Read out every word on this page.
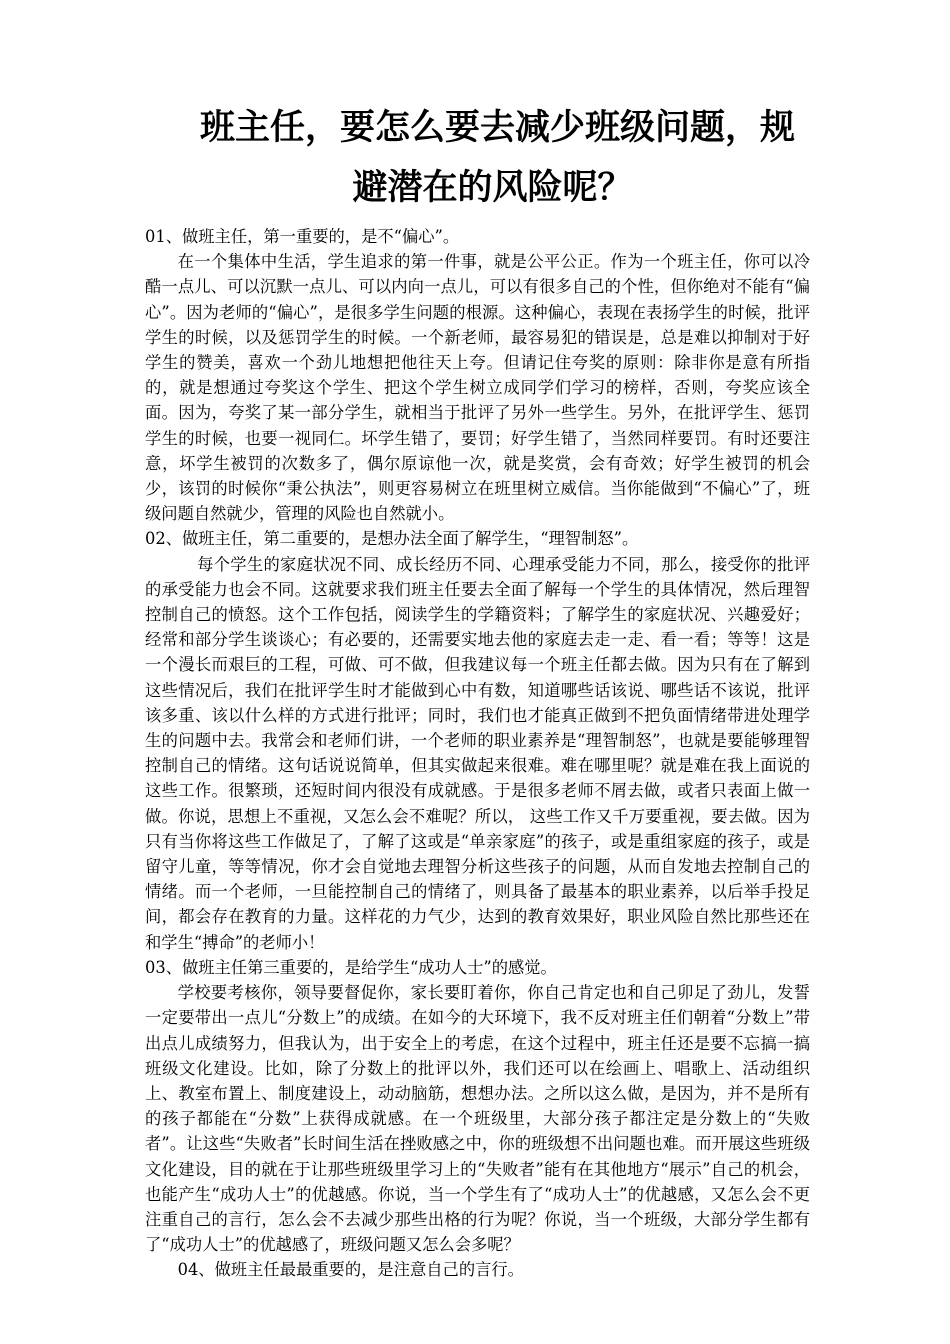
班主任，要怎么要去减少班级问题，规
避潜在的风险呢？

01、做班主任，第一重要的，是不“偏心”。

在一个集体中生活，学生追求的第一件事，就是公平公正。作为一个班主任，你可以冷酷一点儿、可以沉默一点儿、可以内向一点儿，可以有很多自己的个性，但你绝对不能有“偏心”。因为老师的“偏心”，是很多学生问题的根源。这种偏心，表现在表扬学生的时候，批评学生的时候，以及惩罚学生的时候。一个新老师，最容易犯的错误是，总是难以抑制对于好学生的赞美，喜欢一个劲儿地想把他往天上夸。但请记住夸奖的原则：除非你是意有所指的，就是想通过夸奖这个学生、把这个学生树立成同学们学习的榜样，否则，夸奖应该全面。因为，夸奖了某一部分学生，就相当于批评了另外一些学生。另外，在批评学生、惩罚学生的时候，也要一视同仁。坏学生错了，要罚；好学生错了，当然同样要罚。有时还要注意，坏学生被罚的次数多了，偶尔原谅他一次，就是奖赏，会有奇效；好学生被罚的机会少，该罚的时候你“秉公执法”，则更容易树立在班里树立威信。当你能做到“不偏心”了，班级问题自然就少，管理的风险也自然就小。

02、做班主任，第二重要的，是想办法全面了解学生，“理智制怒”。

每个学生的家庭状况不同、成长经历不同、心理承受能力不同，那么，接受你的批评的承受能力也会不同。这就要求我们班主任要去全面了解每一个学生的具体情况，然后理智控制自己的愤怒。这个工作包括，阅读学生的学籍资料；了解学生的家庭状况、兴趣爱好；经常和部分学生谈谈心；有必要的，还需要实地去他的家庭去走一走、看一看；等等！这是一个漫长而艰巨的工程，可做、可不做，但我建议每一个班主任都去做。因为只有在了解到这些情况后，我们在批评学生时才能做到心中有数，知道哪些话该说、哪些话不该说，批评该多重、该以什么样的方式进行批评；同时，我们也才能真正做到不把负面情绪带进处理学生的问题中去。我常会和老师们讲，一个老师的职业素养是“理智制怒”，也就是要能够理智控制自己的情绪。这句话说说简单，但其实做起来很难。难在哪里呢？就是难在我上面说的这些工作。很繁琐，还短时间内很没有成就感。于是很多老师不屑去做，或者只表面上做一做。你说，思想上不重视，又怎么会不难呢？所以， 这些工作又千万要重视，要去做。因为只有当你将这些工作做足了，了解了这或是“单亲家庭”的孩子，或是重组家庭的孩子，或是留守儿童，等等情况，你才会自觉地去理智分析这些孩子的问题，从而自发地去控制自己的情绪。而一个老师，一旦能控制自己的情绪了，则具备了最基本的职业素养，以后举手投足间，都会存在教育的力量。这样花的力气少，达到的教育效果好，职业风险自然比那些还在和学生“搏命”的老师小！

03、做班主任第三重要的，是给学生“成功人士”的感觉。

学校要考核你，领导要督促你，家长要盯着你，你自己肯定也和自己卯足了劲儿，发誓一定要带出一点儿“分数上”的成绩。在如今的大环境下，我不反对班主任们朝着“分数上”带出点儿成绩努力，但我认为，出于安全上的考虑，在这个过程中，班主任还是要不忘搞一搞班级文化建设。比如，除了分数上的批评以外，我们还可以在绘画上、唱歌上、活动组织上、教室布置上、制度建设上，动动脑筋，想想办法。之所以这么做，是因为，并不是所有的孩子都能在“分数”上获得成就感。在一个班级里，大部分孩子都注定是分数上的“失败者”。让这些“失败者”长时间生活在挫败感之中，你的班级想不出问题也难。而开展这些班级文化建设，目的就在于让那些班级里学习上的“失败者”能有在其他地方“展示”自己的机会，也能产生“成功人士”的优越感。你说，当一个学生有了“成功人士”的优越感，又怎么会不更注重自己的言行，怎么会不去减少那些出格的行为呢？你说，当一个班级，大部分学生都有了“成功人士”的优越感了，班级问题又怎么会多呢？

04、做班主任最最重要的，是注意自己的言行。
